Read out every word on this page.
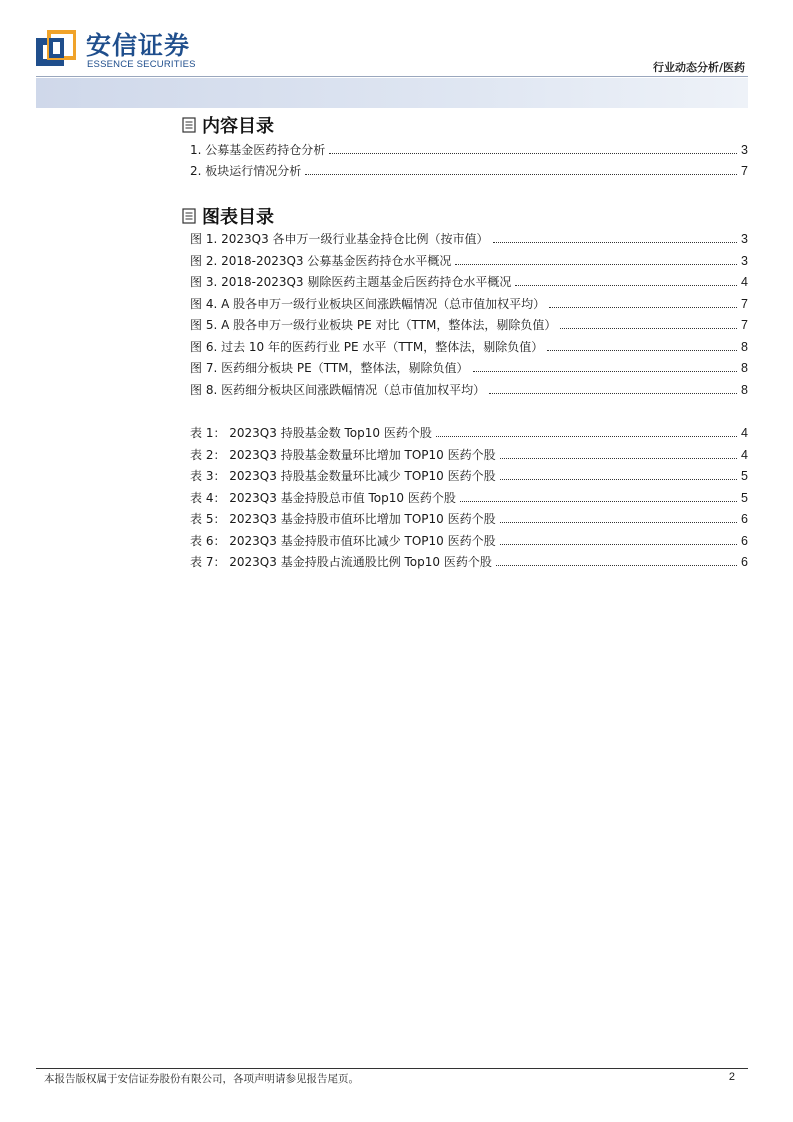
安信证券
ESSENCE SECURITIES	行业动态分析/医药
内容目录
1. 公募基金医药持仓分析	3
2. 板块运行情况分析	7
图表目录
图 1. 2023Q3 各申万一级行业基金持仓比例（按市值）	3
图 2. 2018-2023Q3 公募基金医药持仓水平概况	3
图 3. 2018-2023Q3 剔除医药主题基金后医药持仓水平概况	4
图 4. A 股各申万一级行业板块区间涨跌幅情况（总市值加权平均）	7
图 5. A 股各申万一级行业板块 PE 对比（TTM，整体法，剔除负值）	7
图 6. 过去 10 年的医药行业 PE 水平（TTM，整体法，剔除负值）	8
图 7. 医药细分板块 PE（TTM，整体法，剔除负值）	8
图 8. 医药细分板块区间涨跌幅情况（总市值加权平均）	8
表 1： 2023Q3 持股基金数 Top10 医药个股	4
表 2： 2023Q3 持股基金数量环比增加 TOP10 医药个股	4
表 3： 2023Q3 持股基金数量环比减少 TOP10 医药个股	5
表 4： 2023Q3 基金持股总市值 Top10 医药个股	5
表 5： 2023Q3 基金持股市值环比增加 TOP10 医药个股	6
表 6： 2023Q3 基金持股市值环比减少 TOP10 医药个股	6
表 7： 2023Q3 基金持股占流通股比例 Top10 医药个股	6
本报告版权属于安信证券股份有限公司，各项声明请参见报告尾页。	2
